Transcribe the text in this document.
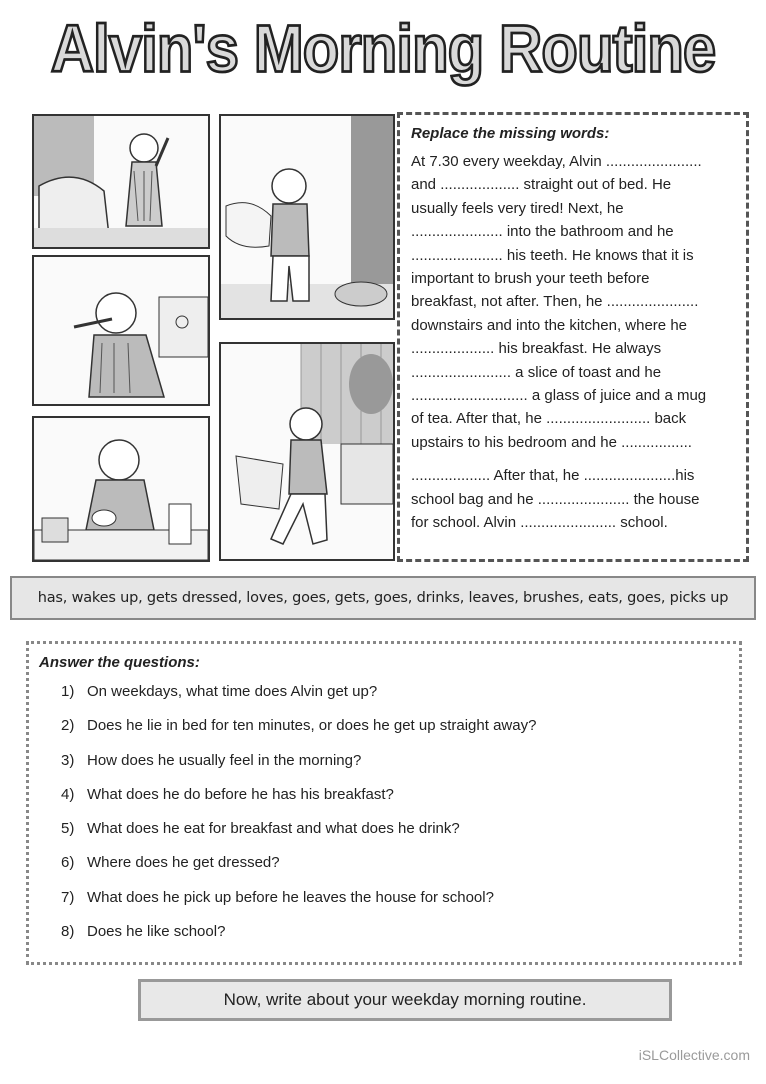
Alvin's Morning Routine
Replace the missing words:
At 7.30 every weekday, Alvin .......................
and ................... straight out of bed. He
usually feels very tired! Next, he
...................... into the bathroom and he
...................... his teeth. He knows that it is
important to brush your teeth before
breakfast, not after. Then, he ......................
downstairs and into the kitchen, where he
.................... his breakfast. He always
........................ a slice of toast and he
............................ a glass of juice and a mug
of tea. After that, he ......................... back
upstairs to his bedroom and he .................
................... After that, he ......................his
school bag and he ...................... the house
for school. Alvin ....................... school.
has, wakes up, gets dressed, loves, goes, gets, goes, drinks, leaves, brushes, eats, goes, picks up
Answer the questions:
1) On weekdays, what time does Alvin get up?
2) Does he lie in bed for ten minutes, or does he get up straight away?
3) How does he usually feel in the morning?
4) What does he do before he has his breakfast?
5) What does he eat for breakfast and what does he drink?
6) Where does he get dressed?
7) What does he pick up before he leaves the house for school?
8) Does he like school?
Now, write about your weekday morning routine.
iSLCollective.com
